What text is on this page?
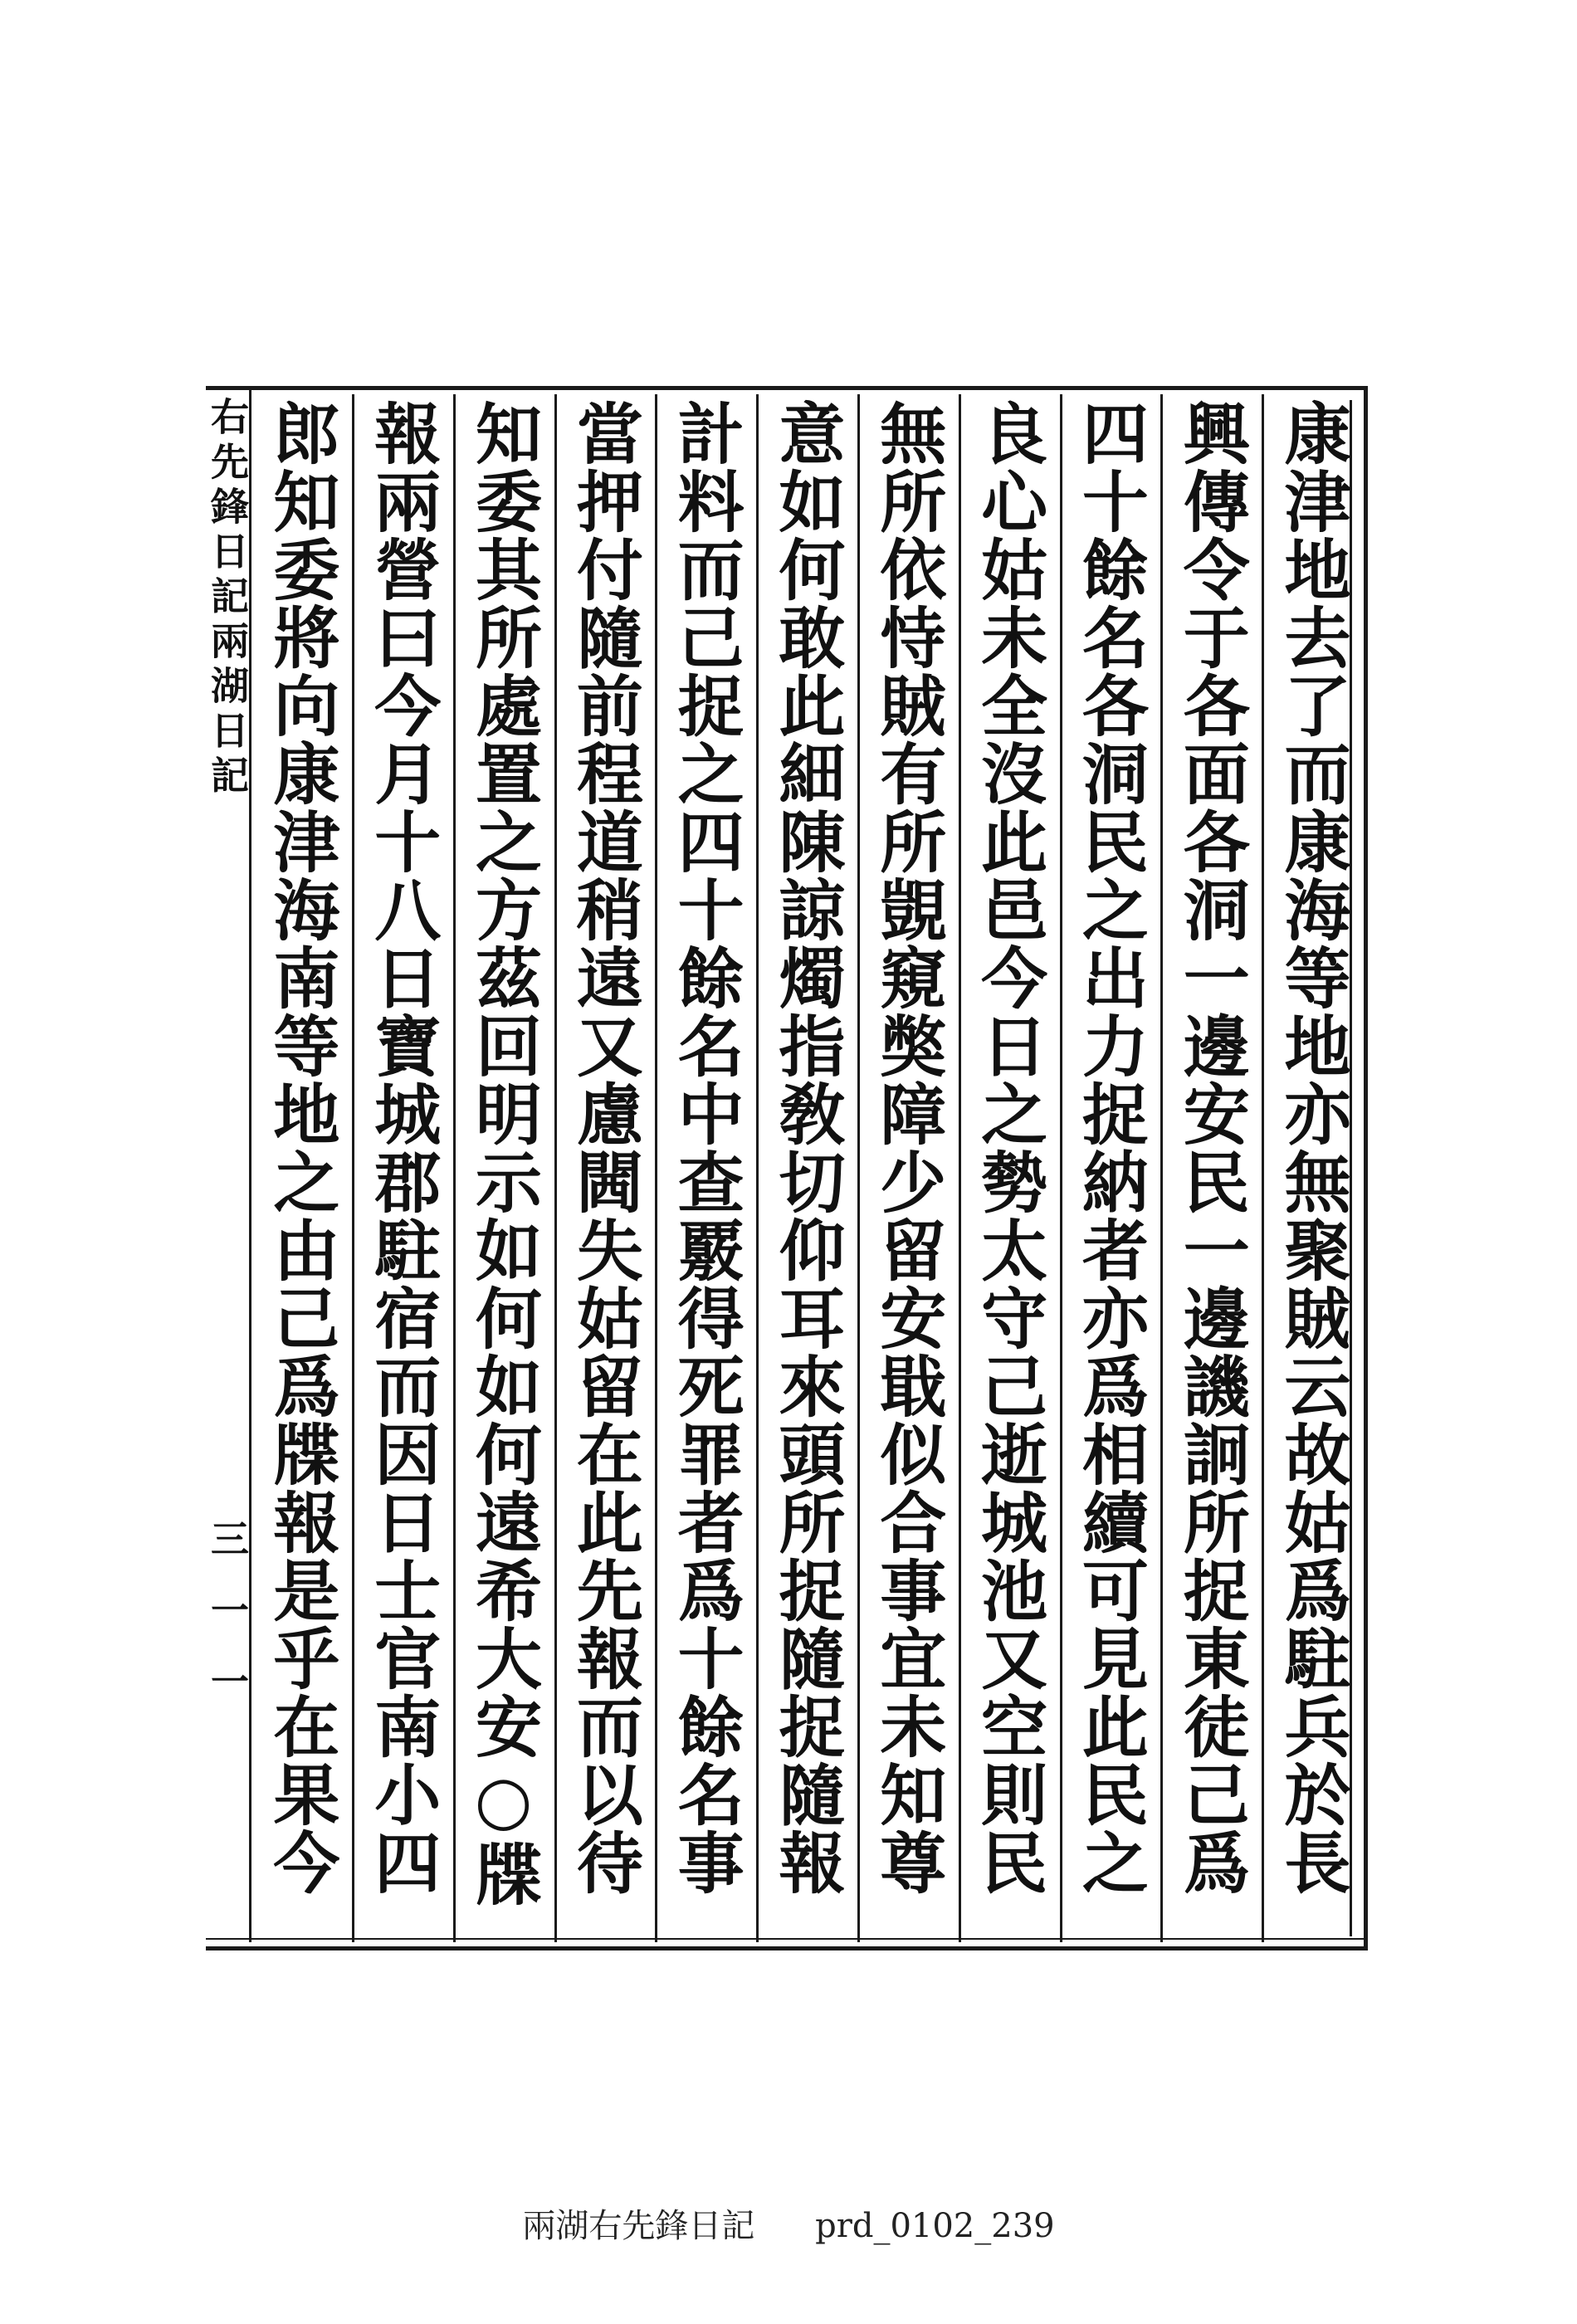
右先鋒日記兩湖日記
三一一	康津地去了而康海等地亦無聚賊云故姑爲駐兵於長
興傳令于各面各洞一邊安民一邊譏詗所捉東徒己爲
四十餘名各洞民之出力捉納者亦爲相續可見此民之
良心姑未全沒此邑今日之勢太守己逝城池又空則民
無所依恃賊有所覬窺獘障少留安戢似合事宜未知尊
意如何敢此細陳諒燭指敎切仰耳來頭所捉隨捉隨報
計料而己捉之四十餘名中查覈得死罪者爲十餘名事
當押付隨前程道稍遠又慮閪失姑留在此先報而以待
知委其所處置之方茲回明示如何如何遠希大安○牒
報兩營曰今月十八日寶城郡駐宿而因日士官南小四
郎知委將向康津海南等地之由己爲牒報是乎在果今
兩湖右先鋒日記 prd_0102_239
